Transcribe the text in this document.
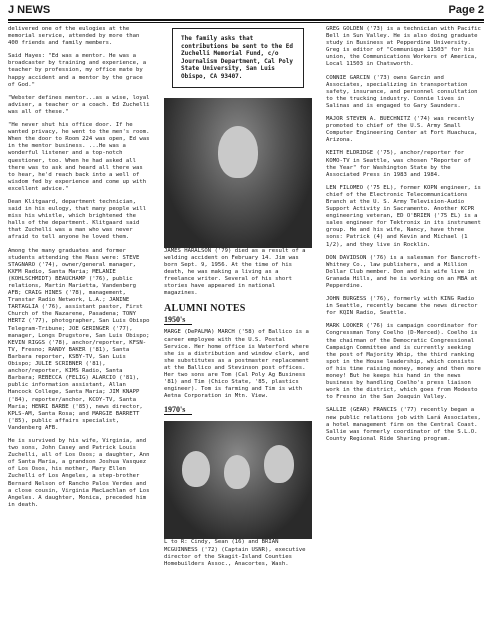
J NEWS	Page 2

delivered one of the eulogies at the memorial service, attended by more than 400 friends and family members.

Said Hayes: "Ed was a mentor. He was a broadcaster by training and experience, a teacher by profession, my office mate by happy accident and a mentor by the grace of God."

"Webster defines mentor...as a wise, loyal adviser, a teacher or a coach. Ed Zuchelli was all of these."

"He never shut his office door. If he wanted privacy, he went to the men's room. When the door to Room 224 was open, Ed was in the mentor business. ...He was a wonderful listener and a top-notch questioner, too. When he had asked all there was to ask and heard all there was to hear, he'd reach back into a well of wisdom fed by experience and come up with excellent advice."

Dean Klitgaard, department technician, said in his eulogy, that many people will miss his whistle, which brightened the halls of the department. Klitgaard said that Zuchelli was a man who was never afraid to tell anyone he loved them.

Among the many graduates and former students attending the Mass were: STEVE STAGNARO ('74), owner/general manager, KXFM Radio, Santa Maria; MELANIE (KOHLSCHMIDT) BEAUCHAMP ('76), public relations, Martin Marietta, Vandenberg AFB; CRAIG HINES ('78), management, Transtar Radio Network, L.A.; JANINE TARTAGLIA ('76), assistant pastor, First Church of the Nazarene, Pasadena; TONY HERTZ ('77), photographer, San Luis Obispo Telegram-Tribune; JOE GERINGER ('77), manager, Longs Drugstore, San Luis Obispo; KEVIN RIGGS ('78), anchor/reporter, KFSN-TV, Fresno; RANDY BAKER ('81), Santa Barbara reporter, KSBY-TV, San Luis Obispo; JULIE SCRIBNER ('81), anchor/reporter, KIMS Radio, Santa Barbara; REBECCA (FELIG) ALARCIO ('81), public information assistant, Allan Hancock College, Santa Maria; JIM KNAPP ('84), reporter/anchor, KCOY-TV, Santa Maria; HENRI BARBE ('85), news director, KPLS-AM, Santa Rosa; and MARGIE BARRETT ('85), public affairs specialist, Vandenberg AFB.

He is survived by his wife, Virginia, and two sons, John Casey and Patrick Louis Zuchelli, all of Los Osos; a daughter, Ann of Santa Maria, a grandson Joshua Vasquez of Los Osos, his mother, Mary Ellen Zuchelli of Los Angeles, a step-brother Bernard Nelson of Rancho Palos Verdes and a close cousin, Virginia MacLachlan of Los Angeles. A daughter, Monica, preceded him in death.

The family asks that contributions be sent to the Ed Zuchelli Memorial Fund, c/o Journalism Department, Cal Poly State University, San Luis Obispo, CA 93407.

JAMES HARALSON ('79) died as a result of a welding accident on February 14. Jim was born Sept. 9, 1956. At the time of his death, he was making a living as a freelance writer. Several of his short stories have appeared in national magazines.

ALUMNI NOTES
1950's

MARGE (DePALMA) MARCH ('58) of Ballico is a career employee with the U.S. Postal Service. Her home office is Waterford where she is a distribution and window clerk, and she substitutes as a postmaster replacement at the Ballico and Stevinson post offices. Her two sons are Tom (Cal Poly Ag Business '81) and Tim (Chico State, '85, plastics engineer). Tom is farming and Tim is with Aetna Corporation in Mtn. View.

1970's

L to R: Cindy, Sean (16) and BRIAN MCGUINNESS ('72) (Captain USNR), executive director of the Skagit-Island Counties Homebuilders Assoc., Anacortes, Wash.

GREG GOLDEN ('73) is a technician with Pacific Bell in Sun Valley. He is also doing graduate study in Business at Pepperdine University. Greg is editor of "Communique 11503" for his union, the Communications Workers of America, Local 11503 in Chatsworth.

CONNIE GARCIN ('73) owns Garcin and Associates, specializing in transportation safety, insurance, and personnel consultation to the trucking industry. Connie lives in Salinas and is engaged to Gary Saunders.

MAJOR STEVEN A. BUECHNITZ ('74) was recently promoted to chief of the U.S. Army Small Computer Engineering Center at Fort Huachuca, Arizona.

KEITH ELDRIDGE ('75), anchor/reporter for KOMO-TV in Seattle, was chosen "Reporter of the Year" for Washington State by the Associated Press in 1983 and 1984.

LEN FILOMEO ('75 EL), former KOPN engineer, is chief of the Electronic Telecommunications Branch at the U. S. Army Television-Audio Support Activity in Sacramento. Another KCPR engineering veteran, ED O'BRIEN ('75 EL) is a sales engineer for Tektronix in its instrument group. He and his wife, Nancy, have three sons: Patrick (4) and Kevin and Michael (1 1/2), and they live in Rocklin.

DON DAVIDSON ('76) is a salesman for Bancroft-Whitney Co., law publishers, and a Million Dollar Club member. Don and his wife live in Granada Hills, and he is working on an MBA at Pepperdine.

JOHN BURGESS ('76), formerly with KING Radio in Seattle, recently became the news director for KQIN Radio, Seattle.

MARK LOOKER ('76) is campaign coordinator for Congressman Tony Coelho (D-Merced). Coelho is the chairman of the Democratic Congressional Campaign Committee and is currently seeking the post of Majority Whip, the third ranking spot in the House leadership, which consists of his time raising money, money and then more money! But he keeps his hand in the news business by handling Coelho's press liaison work in the district, which goes from Modesto to Fresno in the San Joaquin Valley.

SALLIE (GEAR) FRANCIS ('77) recently began a new public relations job with Lará Associates, a hotel management firm on the Central Coast. Sallie was formerly coordinator of the S.L.O. County Regional Ride Sharing program.
